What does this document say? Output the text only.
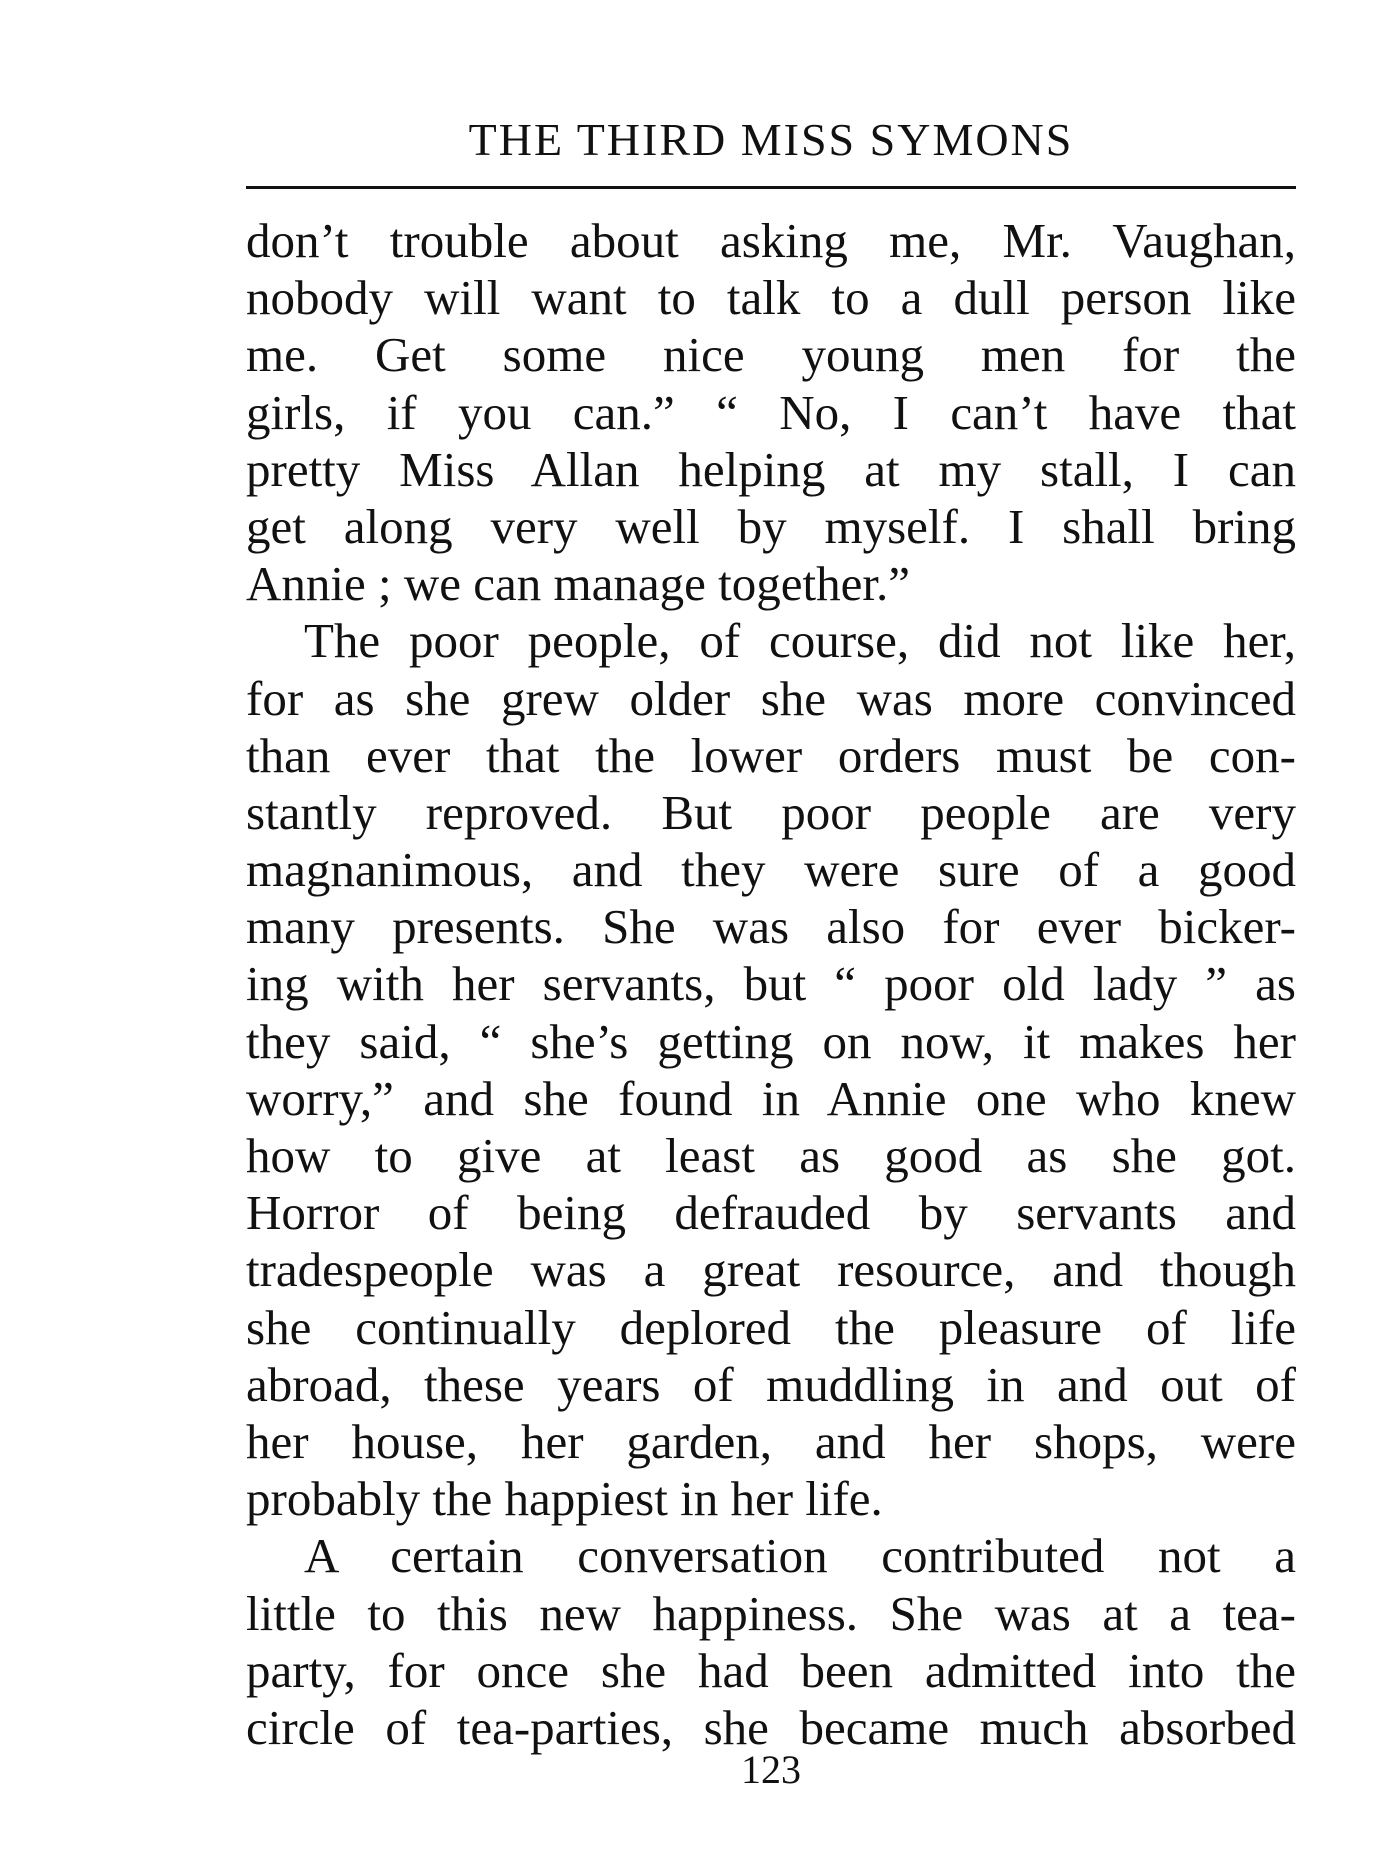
THE THIRD MISS SYMONS
don’t trouble about asking me, Mr. Vaughan,
nobody will want to talk to a dull person like
me. Get some nice young men for the
girls, if you can.” “ No, I can’t have that
pretty Miss Allan helping at my stall, I can
get along very well by myself. I shall bring
Annie ; we can manage together.”
The poor people, of course, did not like her,
for as she grew older she was more convinced
than ever that the lower orders must be con-
stantly reproved. But poor people are very
magnanimous, and they were sure of a good
many presents. She was also for ever bicker-
ing with her servants, but “ poor old lady ” as
they said, “ she’s getting on now, it makes her
worry,” and she found in Annie one who knew
how to give at least as good as she got.
Horror of being defrauded by servants and
tradespeople was a great resource, and though
she continually deplored the pleasure of life
abroad, these years of muddling in and out of
her house, her garden, and her shops, were
probably the happiest in her life.
A certain conversation contributed not a
little to this new happiness. She was at a tea-
party, for once she had been admitted into the
circle of tea-parties, she became much absorbed
123
